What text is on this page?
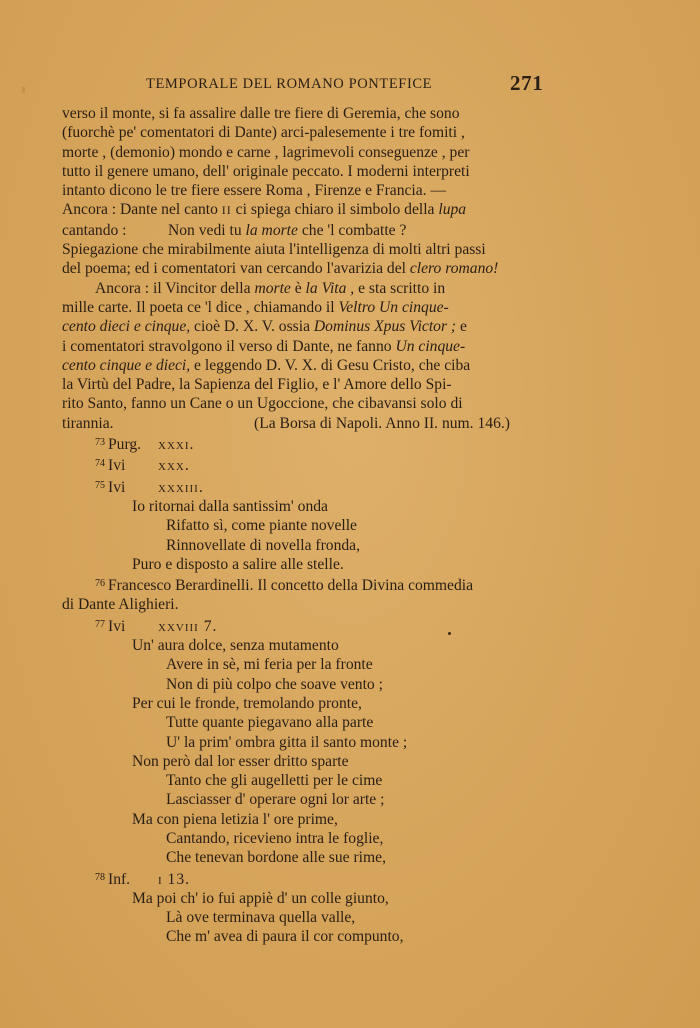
TEMPORALE DEL ROMANO PONTEFICE	271

verso il monte, si fa assalire dalle tre fiere di Geremia, che sono

(fuorchè pe' comentatori di Dante) arci-palesemente i tre fomiti ,

morte , (demonio) mondo e carne , lagrimevoli conseguenze , per

tutto il genere umano, dell' originale peccato. I moderni interpreti

intanto dicono le tre fiere essere Roma , Firenze e Francia. —

Ancora : Dante nel canto II ci spiega chiaro il simbolo della lupa

cantando :	Non vedi tu la morte che 'l combatte ?

Spiegazione che mirabilmente aiuta l'intelligenza di molti altri passi

del poema; ed i comentatori van cercando l'avarizia del clero romano!

Ancora : il Vincitor della morte è la Vita , e sta scritto in

mille carte. Il poeta ce 'l dice , chiamando il Veltro Un cinque-

cento dieci e cinque, cioè D. X. V. ossia Dominus Xpus Victor ; e

i comentatori stravolgono il verso di Dante, ne fanno Un cinque-

cento cinque e dieci, e leggendo D. V. X. di Gesu Cristo, che ciba

la Virtù del Padre, la Sapienza del Figlio, e l' Amore dello Spi-

rito Santo, fanno un Cane o un Ugoccione, che cibavansi solo di

tirannia.	(La Borsa di Napoli. Anno II. num. 146.)

$^{73}$ Purg. xxxi.

$^{74}$ Ivi xxx.

$^{75}$ Ivi xxxiii.

Io ritornai dalla santissim' onda
Rifatto sì, come piante novelle
Rinnovellate di novella fronda,
Puro e disposto a salire alle stelle.

$^{76}$ Francesco Berardinelli. Il concetto della Divina commedia

di Dante Alighieri.

$^{77}$ Ivi xxviii 7.

Un' aura dolce, senza mutamento
Avere in sè, mi feria per la fronte
Non di più colpo che soave vento ;
Per cui le fronde, tremolando pronte,
Tutte quante piegavano alla parte
U' la prim' ombra gitta il santo monte ;
Non però dal lor esser dritto sparte
Tanto che gli augelletti per le cime
Lasciasser d' operare ogni lor arte ;
Ma con piena letizia l' ore prime,
Cantando, ricevieno intra le foglie,
Che tenevan bordone alle sue rime,

$^{78}$ Inf. i 13.

Ma poi ch' io fui appiè d' un colle giunto,
Là ove terminava quella valle,
Che m' avea di paura il cor compunto,
